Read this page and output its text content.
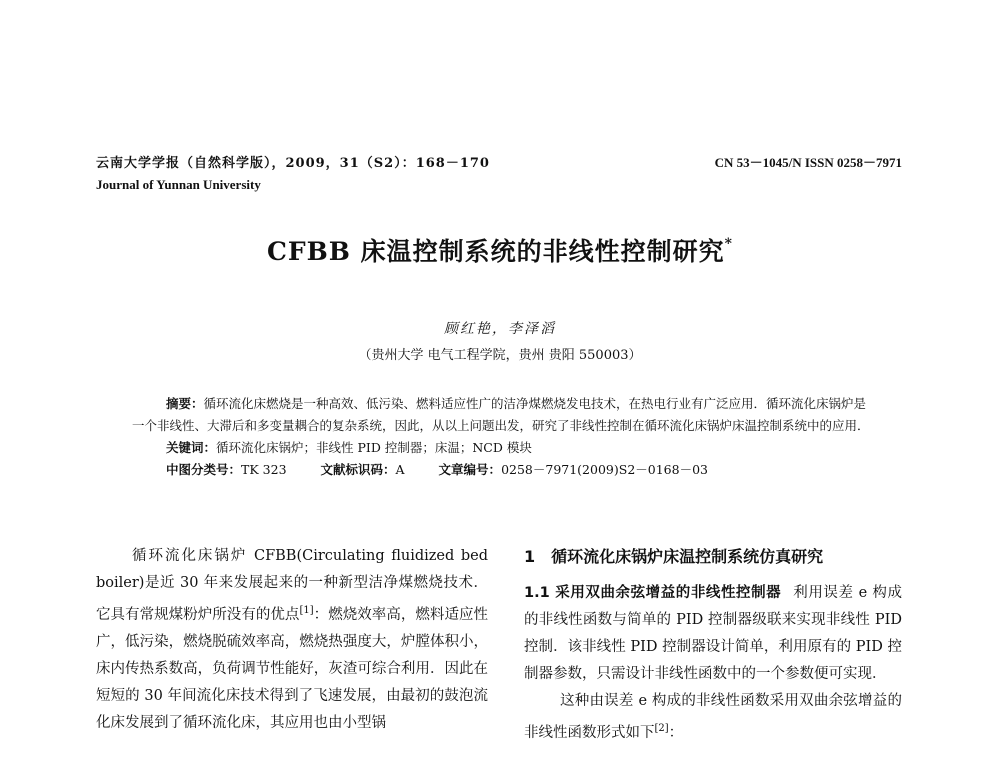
云南大学学报（自然科学版），2009，31（S2）：168－170
Journal of Yunnan University
CN 53－1045/N ISSN 0258－7971
CFBB 床温控制系统的非线性控制研究*
顾红艳，李泽滔
（贵州大学 电气工程学院，贵州 贵阳 550003）

摘要：循环流化床燃烧是一种高效、低污染、燃料适应性广的洁净煤燃烧发电技术，在热电行业有广泛应用．循环流化床锅炉是一个非线性、大滞后和多变量耦合的复杂系统，因此，从以上问题出发，研究了非线性控制在循环流化床锅炉床温控制系统中的应用．

关键词：循环流化床锅炉；非线性 PID 控制器；床温；NCD 模块

中图分类号：TK 323	文献标识码：A	文章编号：0258－7971(2009)S2－0168－03

循环流化床锅炉 CFBB(Circulating fluidized bed boiler)是近 30 年来发展起来的一种新型洁净煤燃烧技术．它具有常规煤粉炉所没有的优点[1]：燃烧效率高，燃料适应性广，低污染，燃烧脱硫效率高，燃烧热强度大，炉膛体积小，床内传热系数高，负荷调节性能好，灰渣可综合利用．因此在短短的 30 年间流化床技术得到了飞速发展，由最初的鼓泡流化床发展到了循环流化床，其应用也由小型锅

1 循环流化床锅炉床温控制系统仿真研究

1.1 采用双曲余弦增益的非线性控制器 利用误差 e 构成的非线性函数与简单的 PID 控制器级联来实现非线性 PID 控制．该非线性 PID 控制器设计简单，利用原有的 PID 控制器参数，只需设计非线性函数中的一个参数便可实现．

这种由误差 e 构成的非线性函数采用双曲余弦增益的非线性函数形式如下[2]：
